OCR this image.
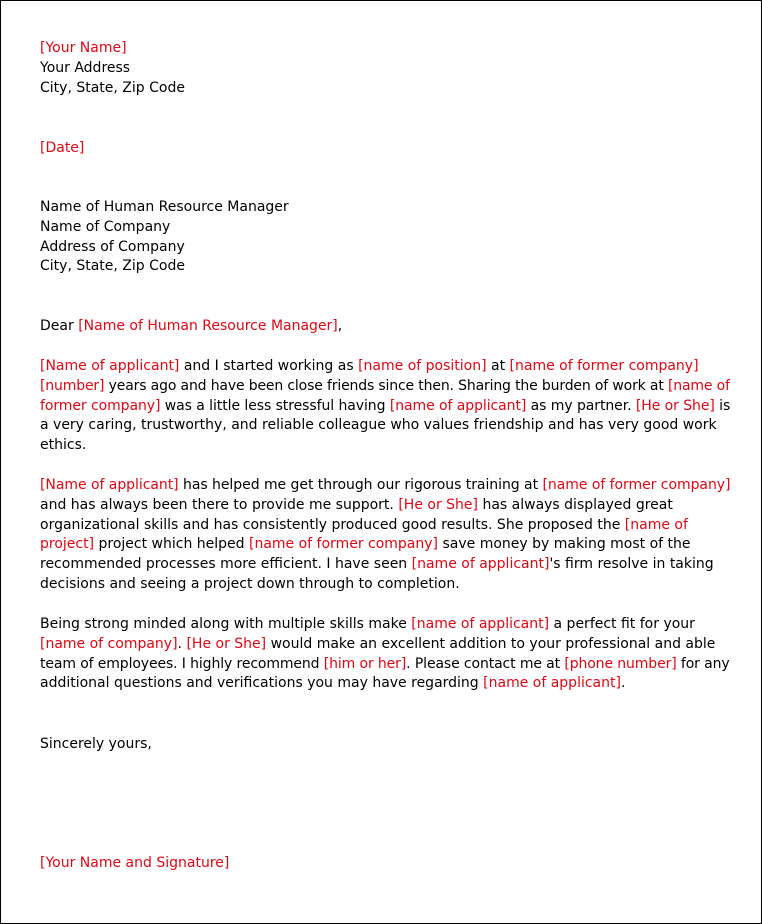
[Your Name]
Your Address
City, State, Zip Code
[Date]
Name of Human Resource Manager
Name of Company
Address of Company
City, State, Zip Code
Dear [Name of Human Resource Manager],
[Name of applicant] and I started working as [name of position] at [name of former company]
[number] years ago and have been close friends since then. Sharing the burden of work at [name of
former company] was a little less stressful having [name of applicant] as my partner. [He or She] is
a very caring, trustworthy, and reliable colleague who values friendship and has very good work
ethics.
[Name of applicant] has helped me get through our rigorous training at [name of former company]
and has always been there to provide me support. [He or She] has always displayed great
organizational skills and has consistently produced good results. She proposed the [name of
project] project which helped [name of former company] save money by making most of the
recommended processes more efficient. I have seen [name of applicant]'s firm resolve in taking
decisions and seeing a project down through to completion.
Being strong minded along with multiple skills make [name of applicant] a perfect fit for your
[name of company]. [He or She] would make an excellent addition to your professional and able
team of employees. I highly recommend [him or her]. Please contact me at [phone number] for any
additional questions and verifications you may have regarding [name of applicant].
Sincerely yours,
[Your Name and Signature]
